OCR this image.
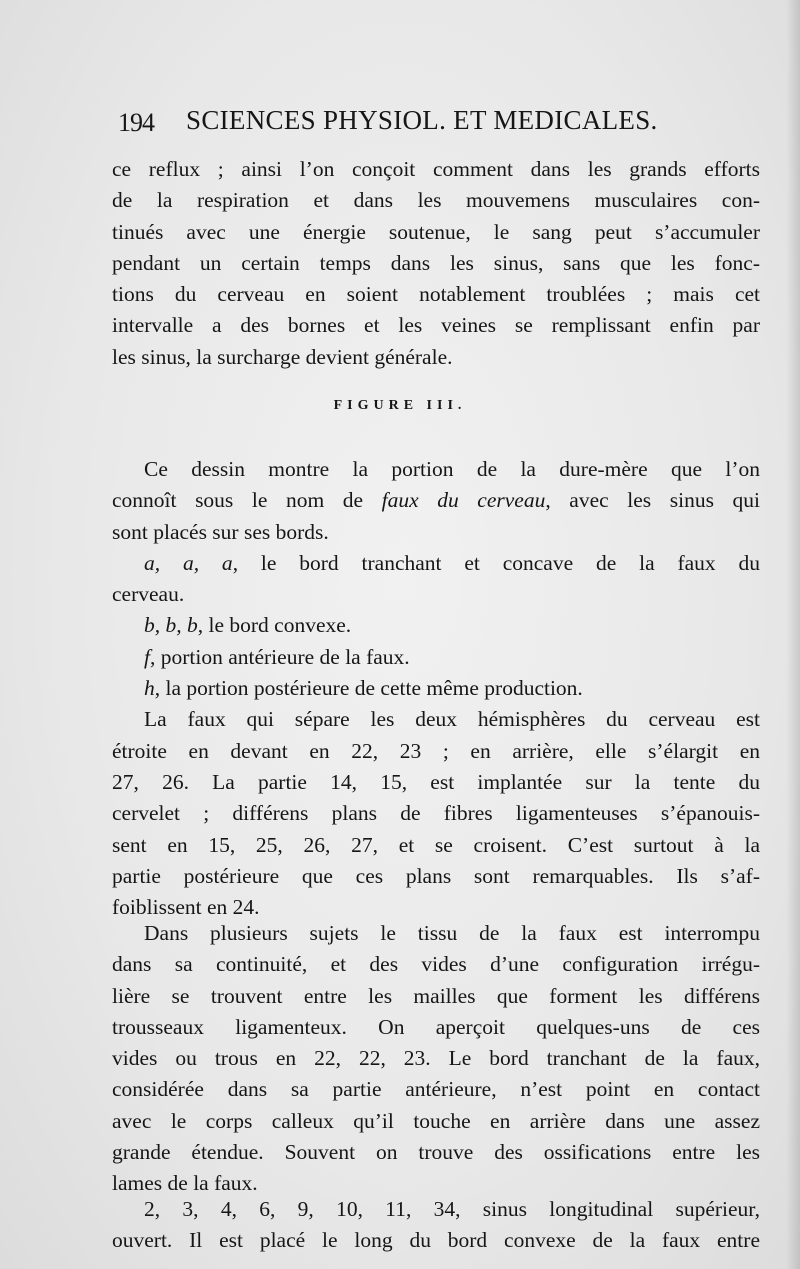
194 SCIENCES PHYSIOL. ET MEDICALES.
ce reflux ; ainsi l’on conçoit comment dans les grands efforts
de la respiration et dans les mouvemens musculaires con-
tinués avec une énergie soutenue, le sang peut s’accumuler
pendant un certain temps dans les sinus, sans que les fonc-
tions du cerveau en soient notablement troublées ; mais cet
intervalle a des bornes et les veines se remplissant enfin par
les sinus, la surcharge devient générale.
FIGURE III.
Ce dessin montre la portion de la dure-mère que l’on
connoît sous le nom de faux du cerveau, avec les sinus qui
sont placés sur ses bords.
a, a, a, le bord tranchant et concave de la faux du
cerveau.
b, b, b, le bord convexe.
f, portion antérieure de la faux.
h, la portion postérieure de cette même production.
La faux qui sépare les deux hémisphères du cerveau est
étroite en devant en 22, 23 ; en arrière, elle s’élargit en
27, 26. La partie 14, 15, est implantée sur la tente du
cervelet ; différens plans de fibres ligamenteuses s’épanouis-
sent en 15, 25, 26, 27, et se croisent. C’est surtout à la
partie postérieure que ces plans sont remarquables. Ils s’af-
foiblissent en 24.
Dans plusieurs sujets le tissu de la faux est interrompu
dans sa continuité, et des vides d’une configuration irrégu-
lière se trouvent entre les mailles que forment les différens
trousseaux ligamenteux. On aperçoit quelques-uns de ces
vides ou trous en 22, 22, 23. Le bord tranchant de la faux,
considérée dans sa partie antérieure, n’est point en contact
avec le corps calleux qu’il touche en arrière dans une assez
grande étendue. Souvent on trouve des ossifications entre les
lames de la faux.
2, 3, 4, 6, 9, 10, 11, 34, sinus longitudinal supérieur,
ouvert. Il est placé le long du bord convexe de la faux entre
